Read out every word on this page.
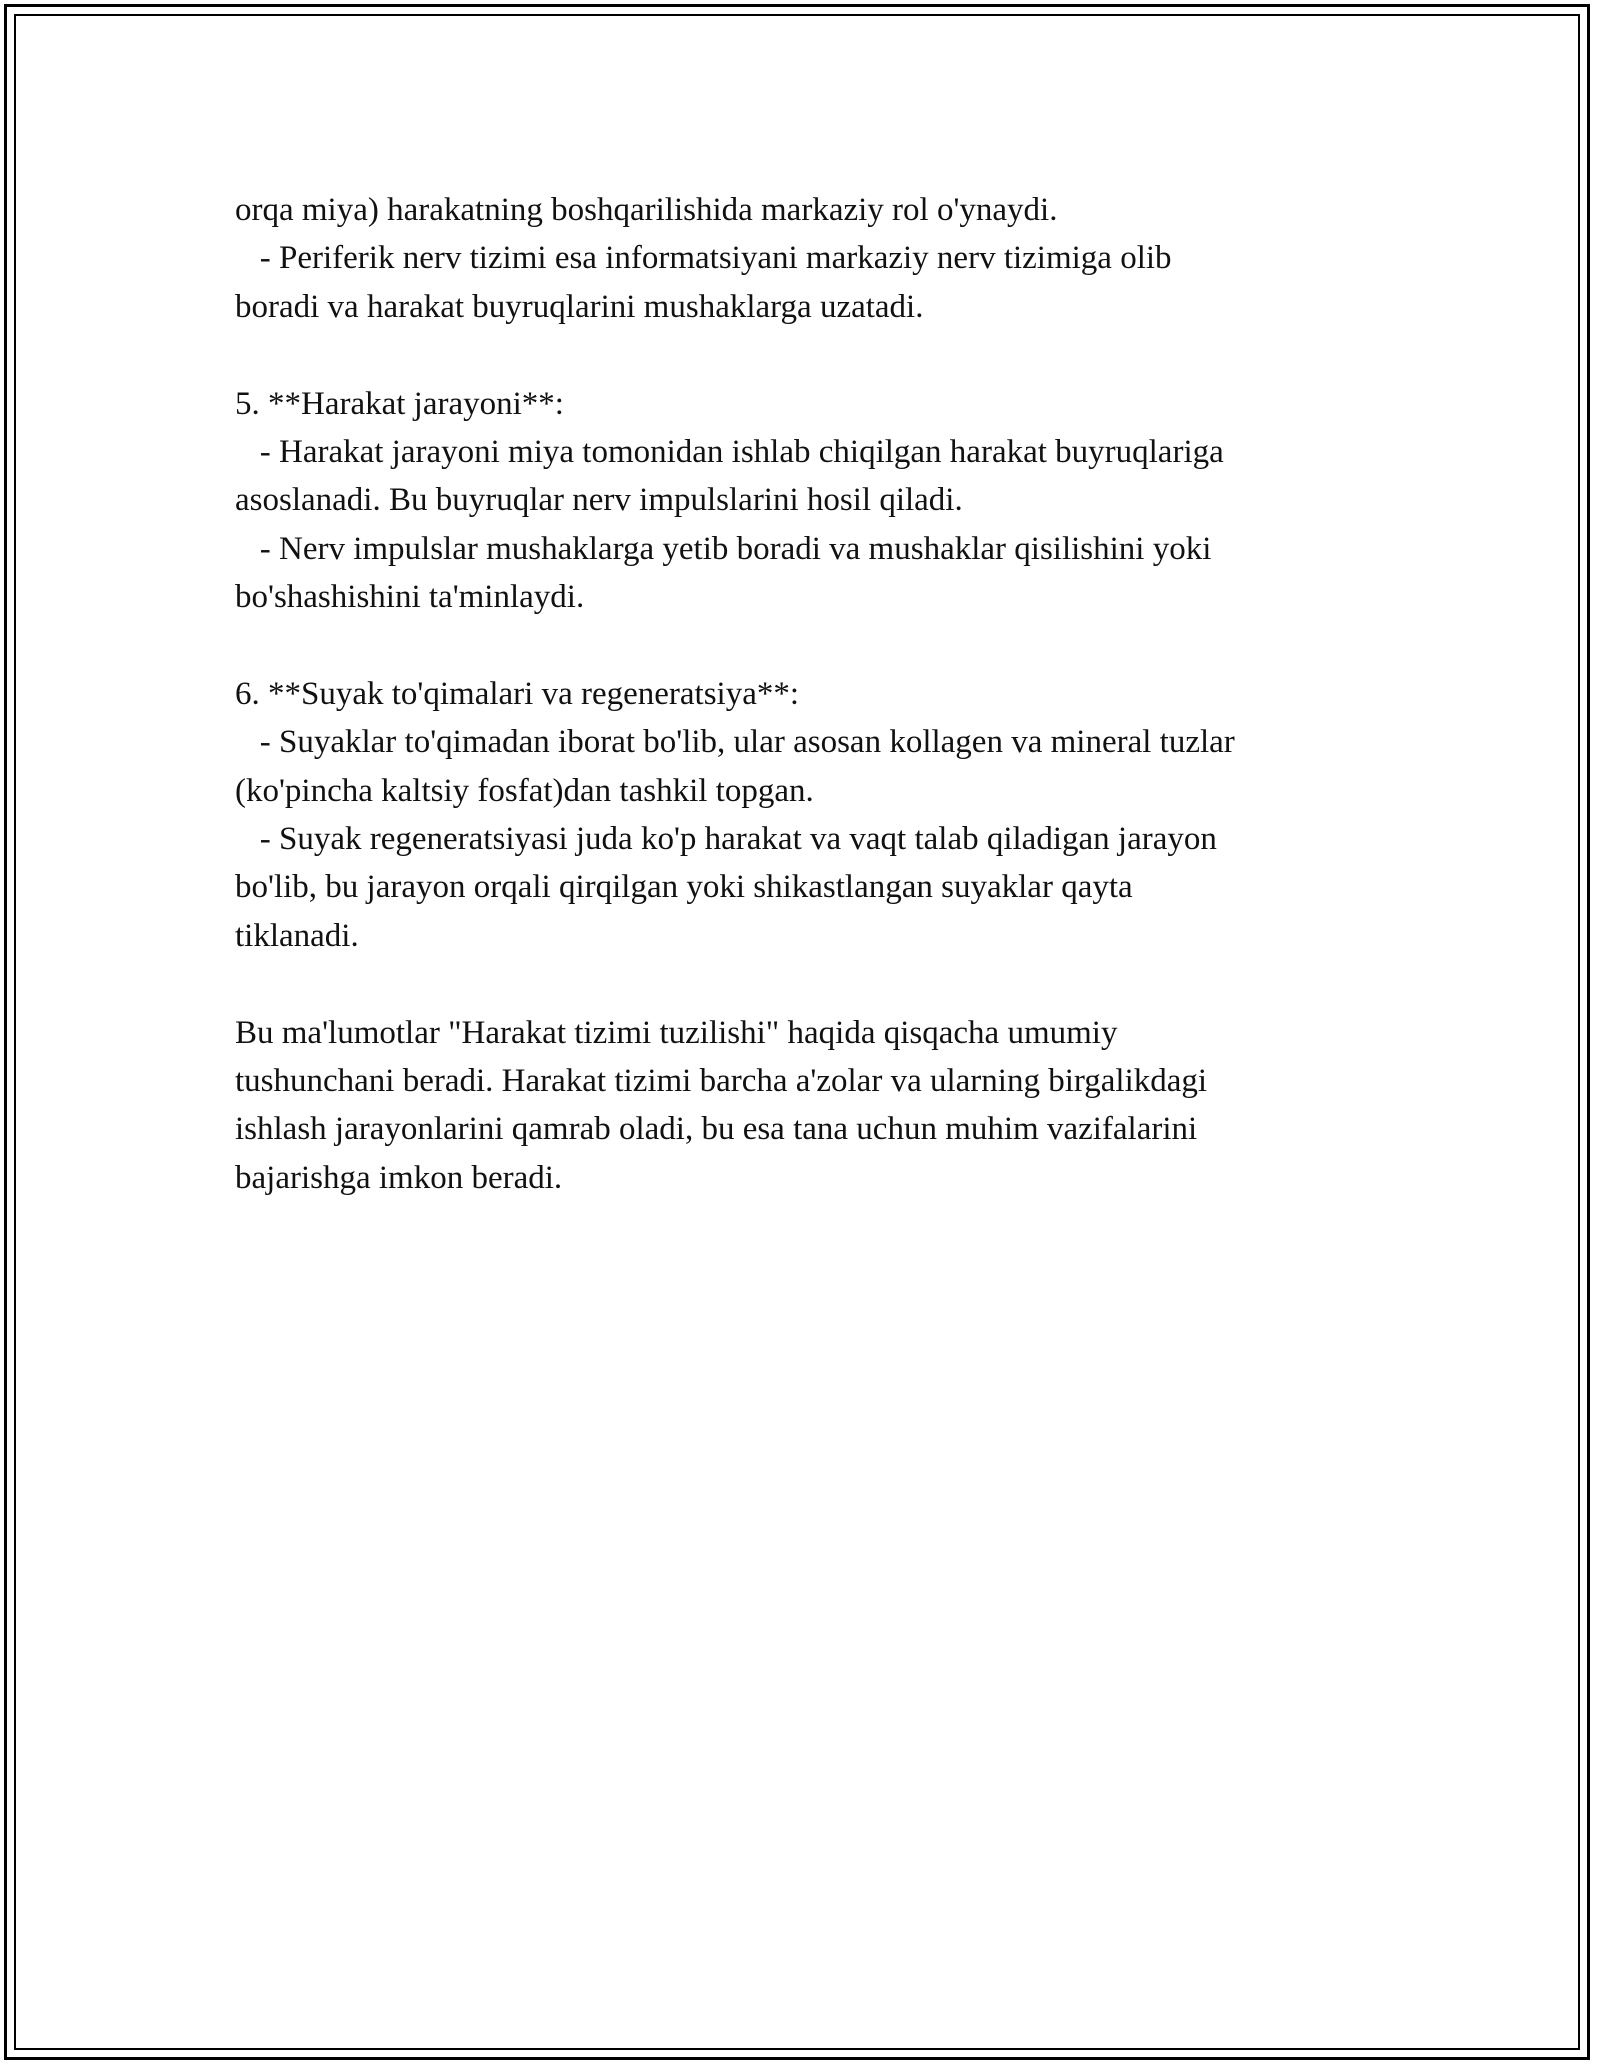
orqa miya) harakatning boshqarilishida markaziy rol o'ynaydi.
- Periferik nerv tizimi esa informatsiyani markaziy nerv tizimiga olib
boradi va harakat buyruqlarini mushaklarga uzatadi.
5. **Harakat jarayoni**:
- Harakat jarayoni miya tomonidan ishlab chiqilgan harakat buyruqlariga
asoslanadi. Bu buyruqlar nerv impulslarini hosil qiladi.
- Nerv impulslar mushaklarga yetib boradi va mushaklar qisilishini yoki
bo'shashishini ta'minlaydi.
6. **Suyak to'qimalari va regeneratsiya**:
- Suyaklar to'qimadan iborat bo'lib, ular asosan kollagen va mineral tuzlar
(ko'pincha kaltsiy fosfat)dan tashkil topgan.
- Suyak regeneratsiyasi juda ko'p harakat va vaqt talab qiladigan jarayon
bo'lib, bu jarayon orqali qirqilgan yoki shikastlangan suyaklar qayta
tiklanadi.
Bu ma'lumotlar "Harakat tizimi tuzilishi" haqida qisqacha umumiy
tushunchani beradi. Harakat tizimi barcha a'zolar va ularning birgalikdagi
ishlash jarayonlarini qamrab oladi, bu esa tana uchun muhim vazifalarini
bajarishga imkon beradi.
